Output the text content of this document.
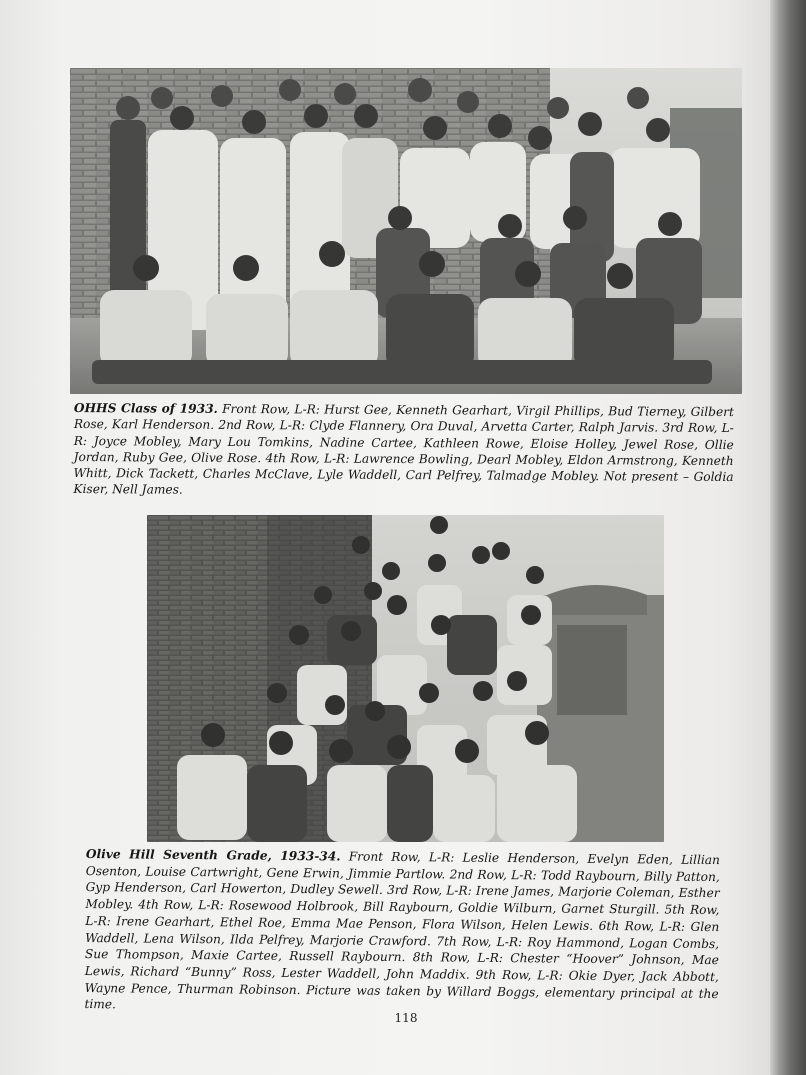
OHHS Class of 1933. Front Row, L-R: Hurst Gee, Kenneth Gearhart, Virgil Phillips, Bud Tierney, Gilbert Rose, Karl Henderson. 2nd Row, L-R: Clyde Flannery, Ora Duval, Arvetta Carter, Ralph Jarvis. 3rd Row, L-R: Joyce Mobley, Mary Lou Tomkins, Nadine Cartee, Kathleen Rowe, Eloise Holley, Jewel Rose, Ollie Jordan, Ruby Gee, Olive Rose. 4th Row, L-R: Lawrence Bowling, Dearl Mobley, Eldon Armstrong, Kenneth Whitt, Dick Tackett, Charles McClave, Lyle Waddell, Carl Pelfrey, Talmadge Mobley. Not present – Goldia Kiser, Nell James.

Olive Hill Seventh Grade, 1933-34. Front Row, L-R: Leslie Henderson, Evelyn Eden, Lillian Osenton, Louise Cartwright, Gene Erwin, Jimmie Partlow. 2nd Row, L-R: Todd Raybourn, Billy Patton, Gyp Henderson, Carl Howerton, Dudley Sewell. 3rd Row, L-R: Irene James, Marjorie Coleman, Esther Mobley. 4th Row, L-R: Rosewood Holbrook, Bill Raybourn, Goldie Wilburn, Garnet Sturgill. 5th Row, L-R: Irene Gearhart, Ethel Roe, Emma Mae Penson, Flora Wilson, Helen Lewis. 6th Row, L-R: Glen Waddell, Lena Wilson, Ilda Pelfrey, Marjorie Crawford. 7th Row, L-R: Roy Hammond, Logan Combs, Sue Thompson, Maxie Cartee, Russell Raybourn. 8th Row, L-R: Chester “Hoover” Johnson, Mae Lewis, Richard “Bunny” Ross, Lester Waddell, John Maddix. 9th Row, L-R: Okie Dyer, Jack Abbott, Wayne Pence, Thurman Robinson. Picture was taken by Willard Boggs, elementary principal at the time.

118
